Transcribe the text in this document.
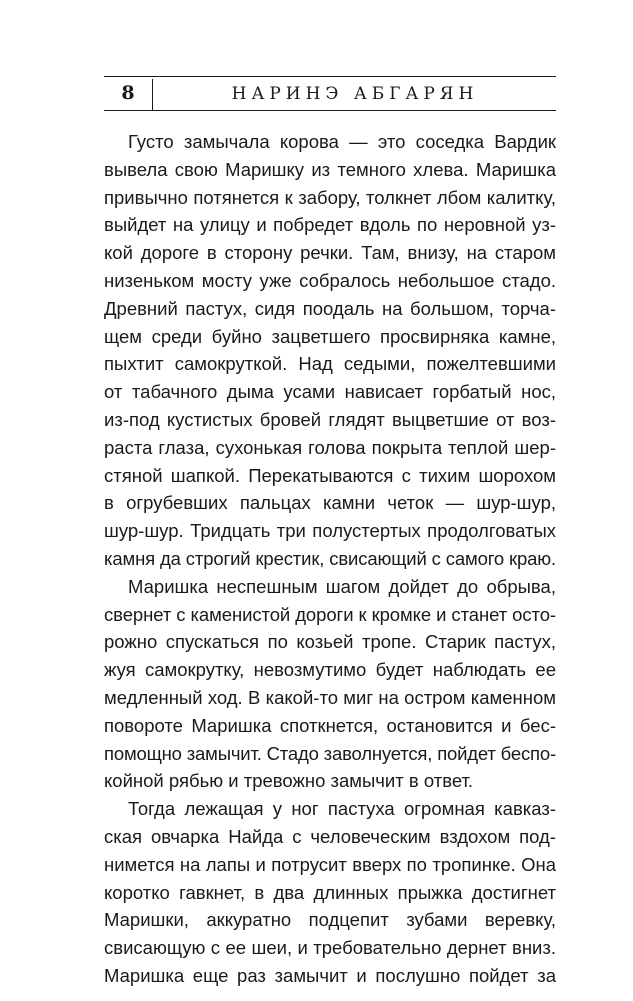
8	НАРИНЭ АБГАРЯН
Густо замычала корова — это соседка Вардик
вывела свою Маришку из темного хлева. Маришка
привычно потянется к забору, толкнет лбом калитку,
выйдет на улицу и побредет вдоль по неровной уз-
кой дороге в сторону речки. Там, внизу, на старом
низеньком мосту уже собралось небольшое стадо.
Древний пастух, сидя поодаль на большом, торча-
щем среди буйно зацветшего просвирняка камне,
пыхтит самокруткой. Над седыми, пожелтевшими
от табачного дыма усами нависает горбатый нос,
из-под кустистых бровей глядят выцветшие от воз-
раста глаза, сухонькая голова покрыта теплой шер-
стяной шапкой. Перекатываются с тихим шорохом
в огрубевших пальцах камни четок — шур-шур,
шур-шур. Тридцать три полустертых продолговатых
камня да строгий крестик, свисающий с самого краю.
Маришка неспешным шагом дойдет до обрыва,
свернет с каменистой дороги к кромке и станет осто-
рожно спускаться по козьей тропе. Старик пастух,
жуя самокрутку, невозмутимо будет наблюдать ее
медленный ход. В какой-то миг на остром каменном
повороте Маришка споткнется, остановится и бес-
помощно замычит. Стадо заволнуется, пойдет беспо-
койной рябью и тревожно замычит в ответ.
Тогда лежащая у ног пастуха огромная кавказ-
ская овчарка Найда с человеческим вздохом под-
нимется на лапы и потрусит вверх по тропинке. Она
коротко гавкнет, в два длинных прыжка достигнет
Маришки, аккуратно подцепит зубами веревку,
свисающую с ее шеи, и требовательно дернет вниз.
Маришка еще раз замычит и послушно пойдет за
